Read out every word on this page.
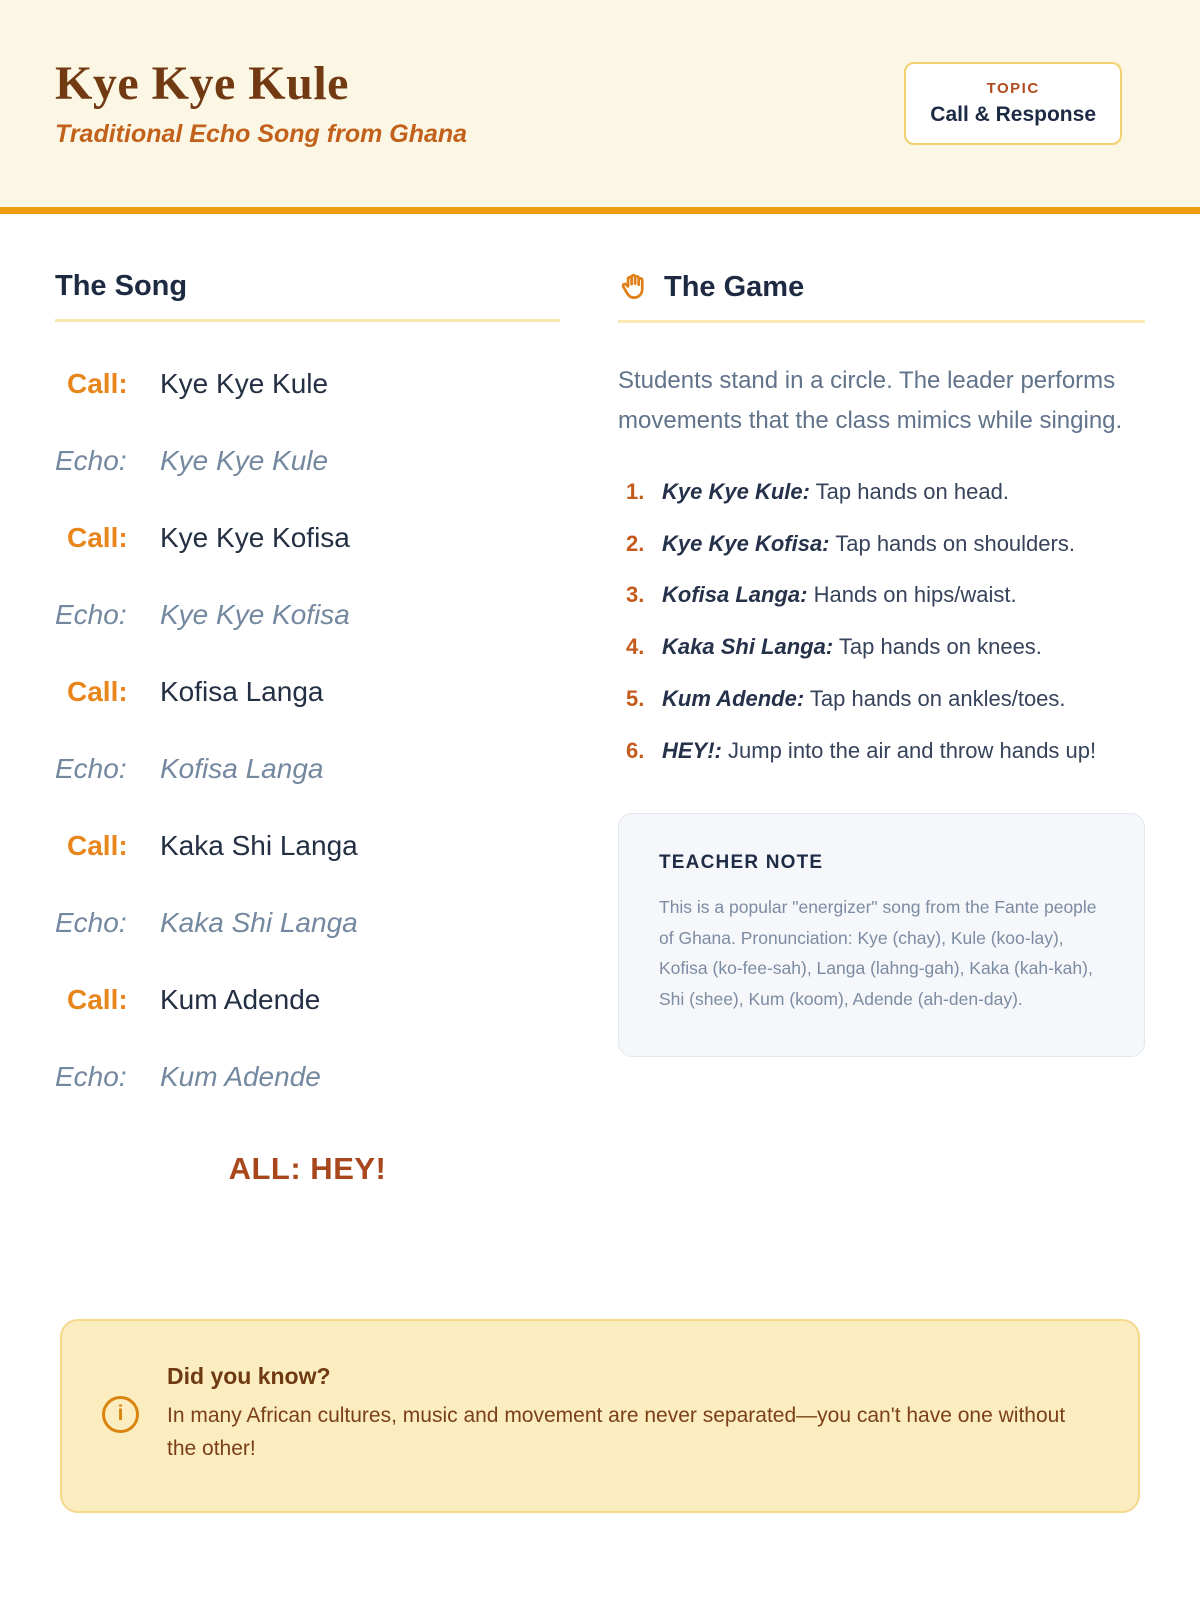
Kye Kye Kule
Traditional Echo Song from Ghana
TOPIC
Call & Response
The Song
Call:	Kye Kye Kule
Echo:	Kye Kye Kule
Call:	Kye Kye Kofisa
Echo:	Kye Kye Kofisa
Call:	Kofisa Langa
Echo:	Kofisa Langa
Call:	Kaka Shi Langa
Echo:	Kaka Shi Langa
Call:	Kum Adende
Echo:	Kum Adende
ALL: HEY!
The Game

Students stand in a circle. The leader performs movements that the class mimics while singing.

1. Kye Kye Kule: Tap hands on head.
2. Kye Kye Kofisa: Tap hands on shoulders.
3. Kofisa Langa: Hands on hips/waist.
4. Kaka Shi Langa: Tap hands on knees.
5. Kum Adende: Tap hands on ankles/toes.
6. HEY!: Jump into the air and throw hands up!
TEACHER NOTE
This is a popular "energizer" song from the Fante people of Ghana. Pronunciation: Kye (chay), Kule (koo-lay), Kofisa (ko-fee-sah), Langa (lahng-gah), Kaka (kah-kah), Shi (shee), Kum (koom), Adende (ah-den-day).
i
Did you know?
In many African cultures, music and movement are never separated—you can't have one without the other!
